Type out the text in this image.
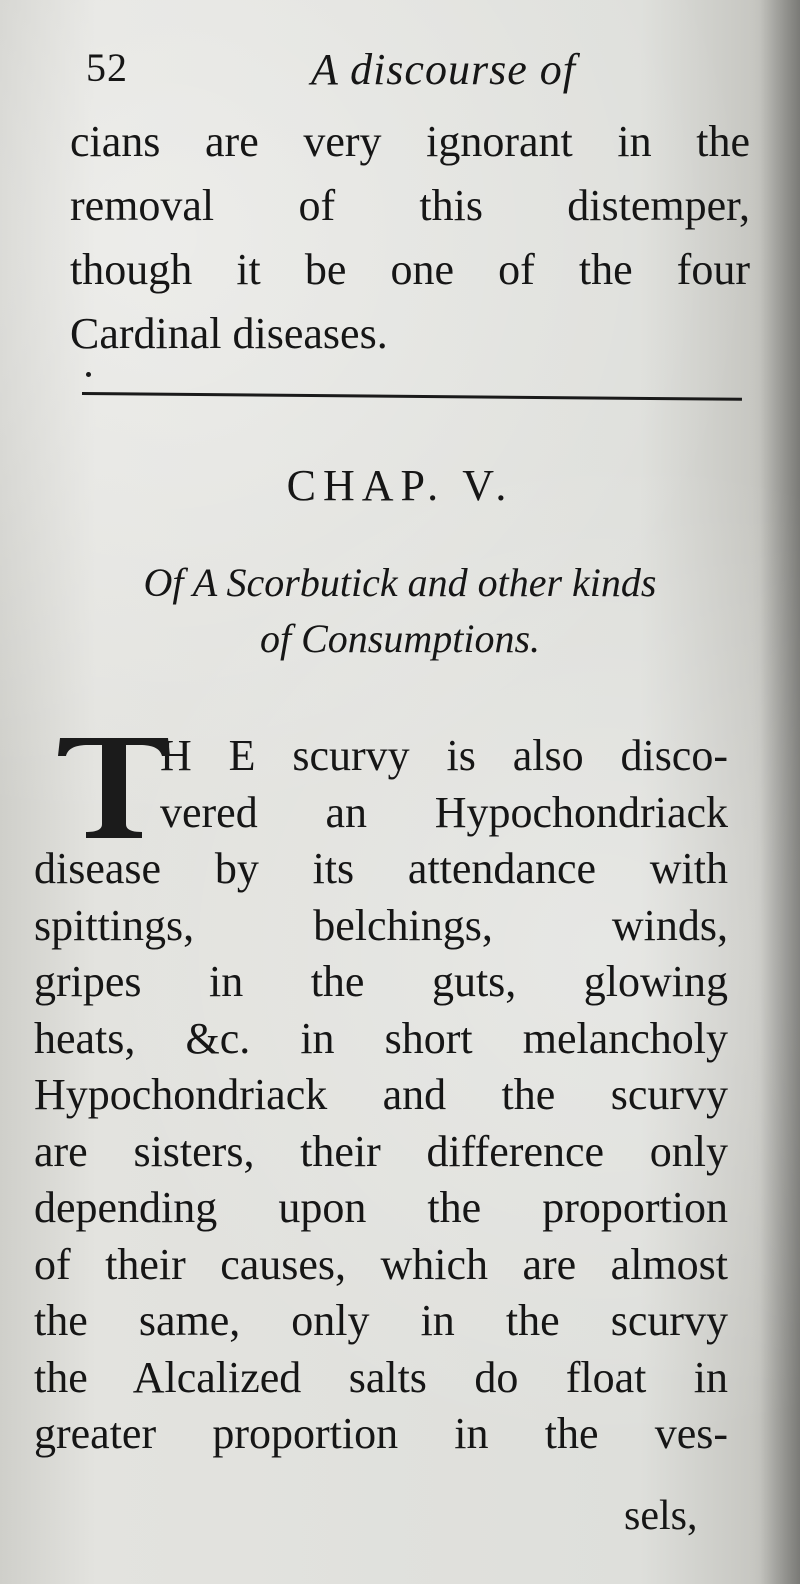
52	A discourse of
cians are very ignorant in the
removal of this distemper,
though it be one of the four
Cardinal diseases.
CHAP. V.
Of A Scorbutick and other kinds
of Consumptions.
H E scurvy is also disco-
vered an Hypochondriack
disease by its attendance with
spittings, belchings, winds,
gripes in the guts, glowing
heats, &c. in short melancholy
Hypochondriack and the scurvy
are sisters, their difference only
depending upon the proportion
of their causes, which are almost
the same, only in the scurvy
the Alcalized salts do float in
greater proportion in the ves-
sels,
